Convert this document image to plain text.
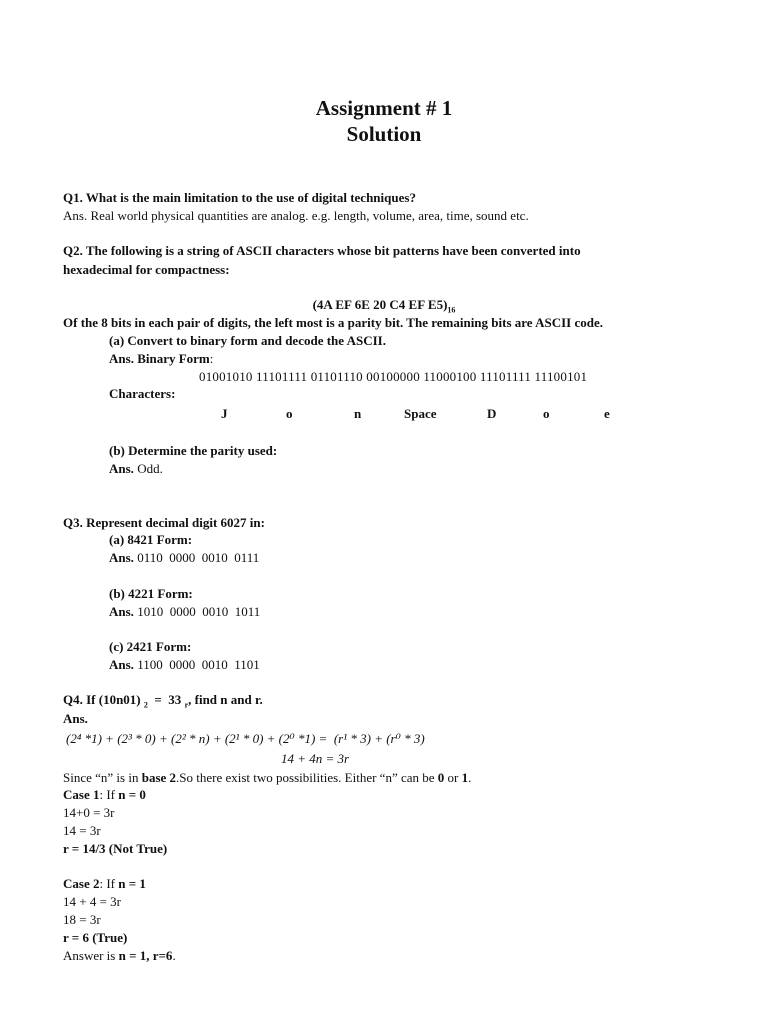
Assignment # 1
Solution
Q1. What is the main limitation to the use of digital techniques?
Ans. Real world physical quantities are analog. e.g. length, volume, area, time, sound etc.
Q2. The following is a string of ASCII characters whose bit patterns have been converted into
hexadecimal for compactness:
(4A EF 6E 20 C4 EF $E5)_{16}$
Of the 8 bits in each pair of digits, the left most is a parity bit. The remaining bits are ASCII code.
(a) Convert to binary form and decode the ASCII.
Ans. Binary Form:
01001010 11101111 01101110 00100000 11000100 11101111 11100101
Characters:
J	o	n	Space	D	o	e
(b) Determine the parity used:
Ans. Odd.
Q3. Represent decimal digit 6027 in:
(a) 8421 Form:
Ans. 0110  0000  0010  0111
(b) 4221 Form:
Ans. 1010  0000  0010  1011
(c) 2421 Form:
Ans. 1100  0000  0010  1101
Q4. If (10n01) $_2$  =  33 $_r$, find n and r.
Ans.
(2⁴ *1) + (2³ * 0) + (2² * n) + (2¹ * 0) + (2⁰ *1) =  (r¹ * 3) + (r⁰ * 3)
14 + 4n = 3r
Since “n” is in base 2.So there exist two possibilities. Either “n” can be 0 or 1.
Case 1: If n = 0
14+0 = 3r
14 = 3r
r = 14/3 (Not True)
Case 2: If n = 1
14 + 4 = 3r
18 = 3r
r = 6 (True)
Answer is n = 1, r=6.
